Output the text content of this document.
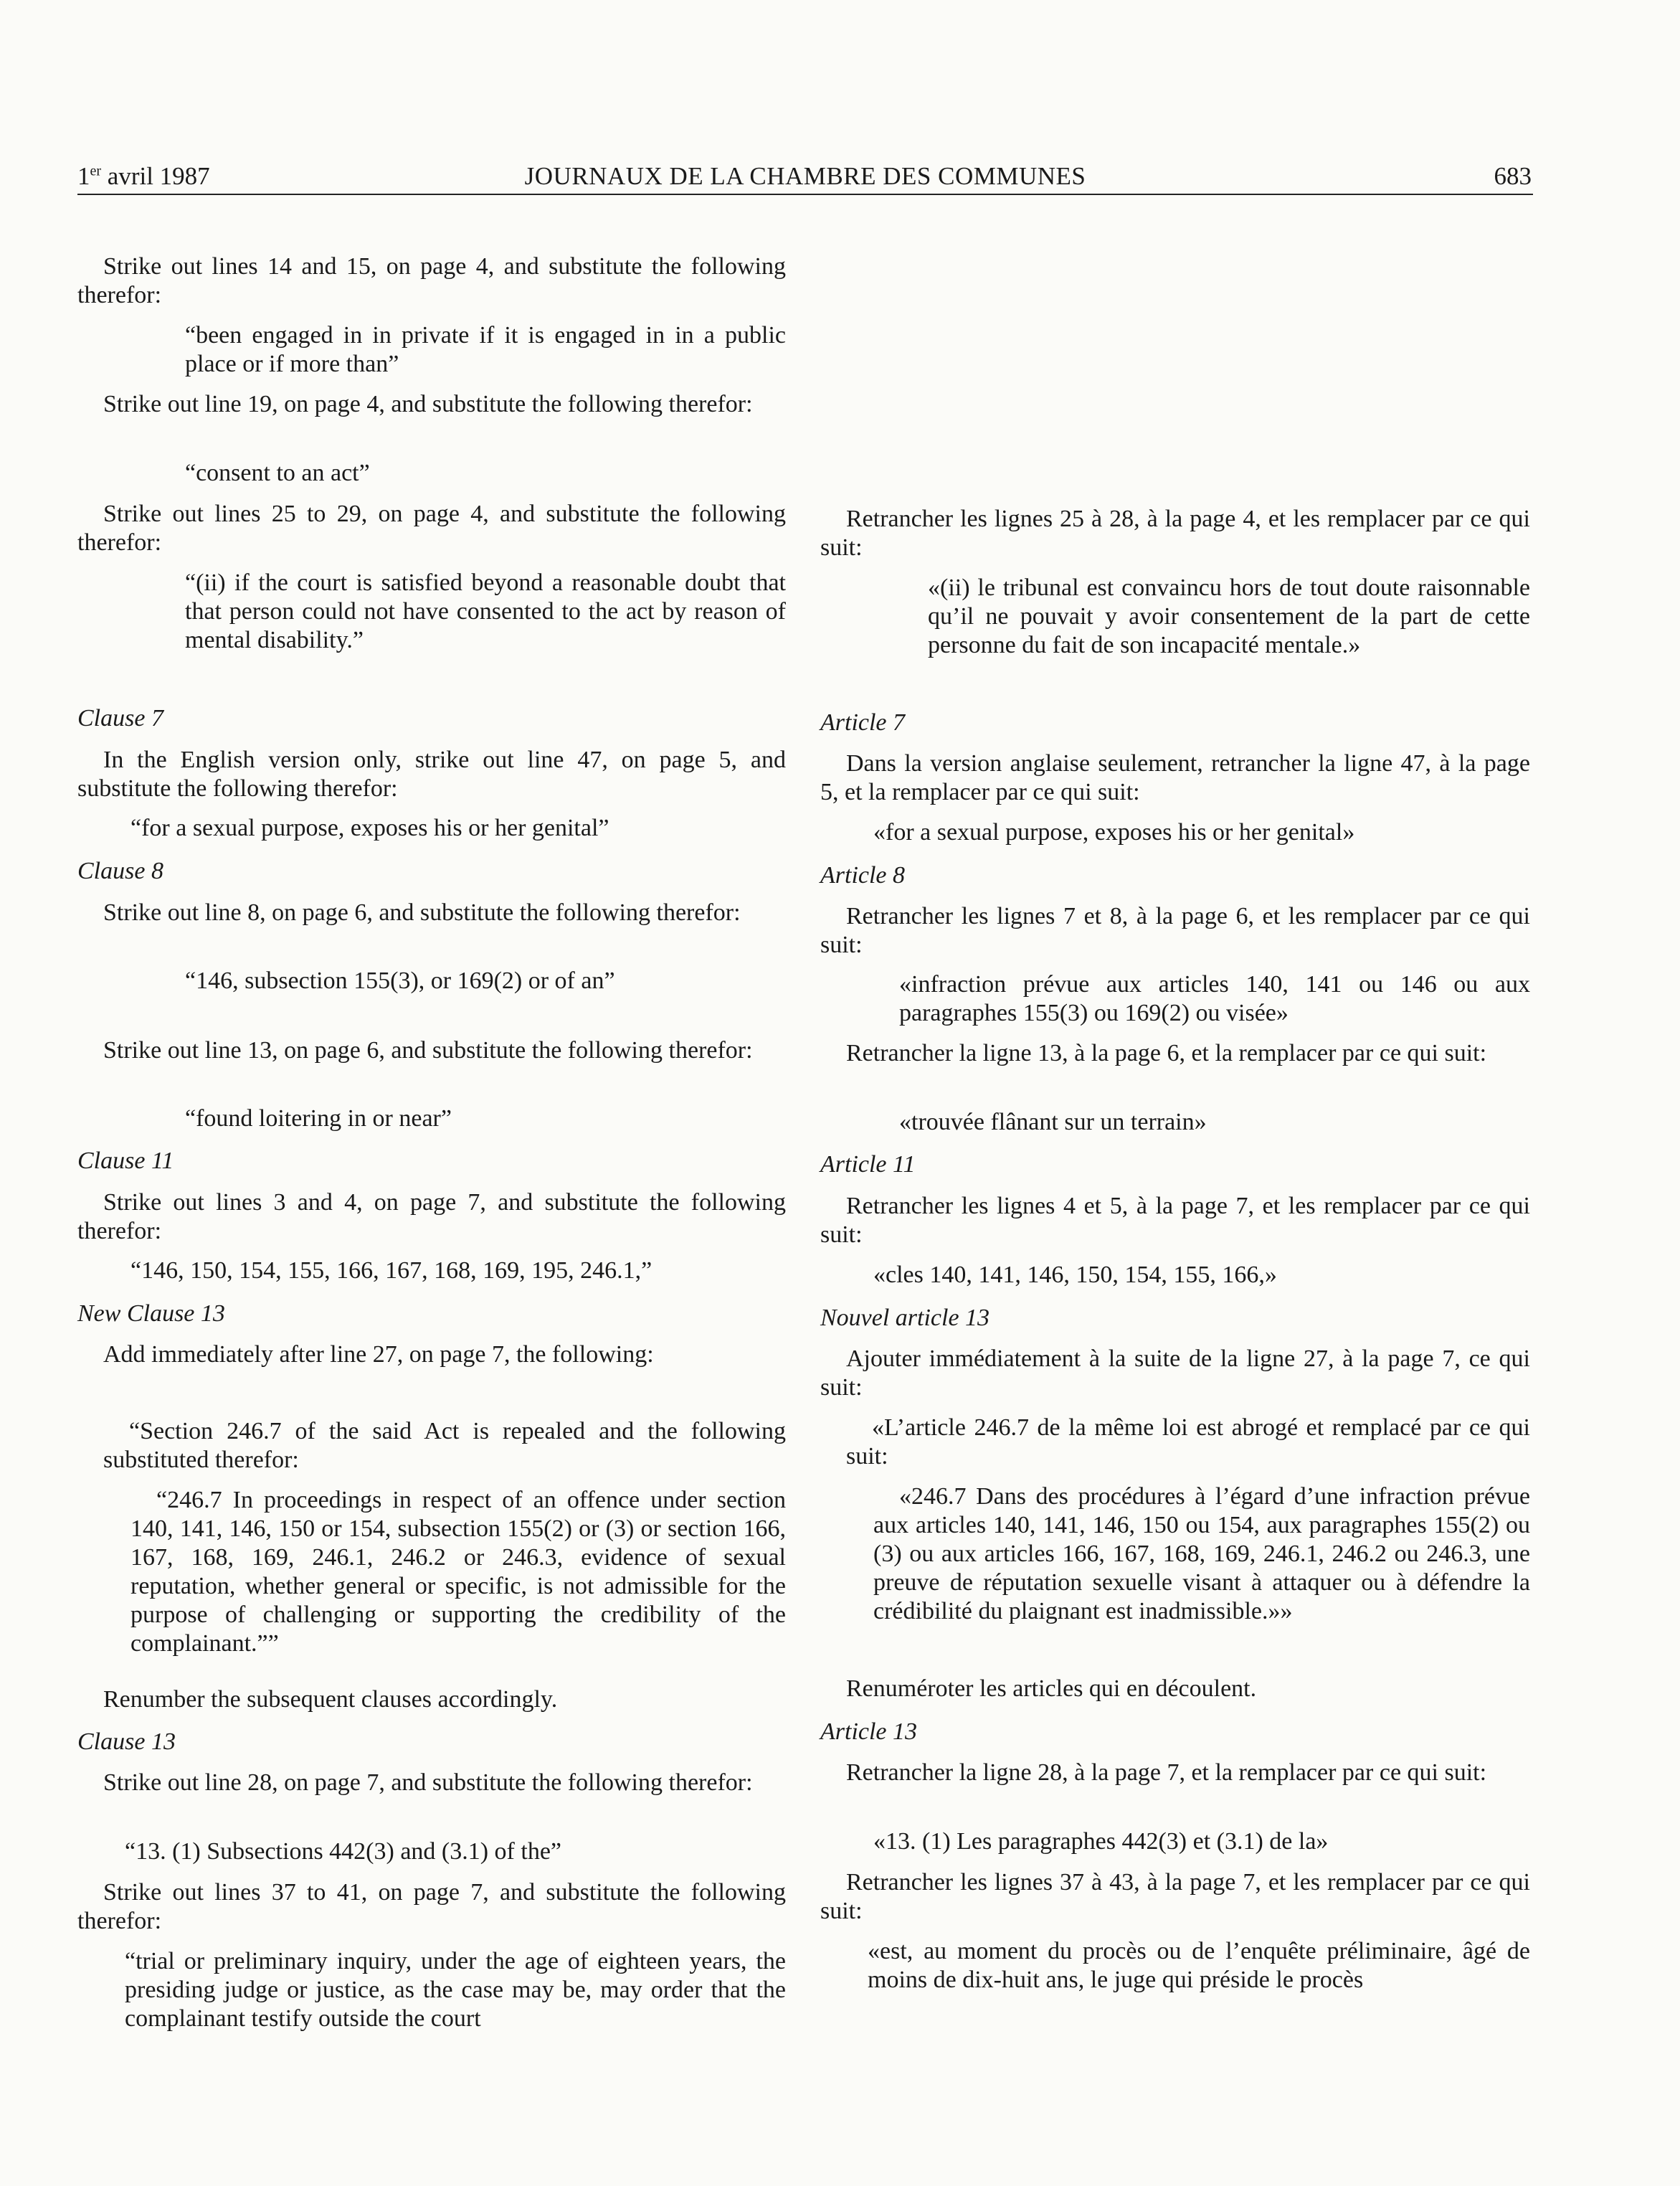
1er avril 1987	JOURNAUX DE LA CHAMBRE DES COMMUNES	683

Strike out lines 14 and 15, on page 4, and substitute the following therefor:

“been engaged in in private if it is engaged in in a public place or if more than”

Strike out line 19, on page 4, and substitute the following therefor:

“consent to an act”

Strike out lines 25 to 29, on page 4, and substitute the following therefor:

“(ii) if the court is satisfied beyond a reasonable doubt that that person could not have consented to the act by reason of mental disability.”

Clause 7

In the English version only, strike out line 47, on page 5, and substitute the following therefor:

“for a sexual purpose, exposes his or her genital”

Clause 8

Strike out line 8, on page 6, and substitute the following therefor:

“146, subsection 155(3), or 169(2) or of an”

Strike out line 13, on page 6, and substitute the following therefor:

“found loitering in or near”

Clause 11

Strike out lines 3 and 4, on page 7, and substitute the following therefor:

“146, 150, 154, 155, 166, 167, 168, 169, 195, 246.1,”

New Clause 13

Add immediately after line 27, on page 7, the following:

“Section 246.7 of the said Act is repealed and the following substituted therefor:

“246.7 In proceedings in respect of an offence under section 140, 141, 146, 150 or 154, subsection 155(2) or (3) or section 166, 167, 168, 169, 246.1, 246.2 or 246.3, evidence of sexual reputation, whether general or specific, is not admissible for the purpose of challenging or supporting the credibility of the complainant.””

Renumber the subsequent clauses accordingly.

Clause 13

Strike out line 28, on page 7, and substitute the following therefor:

“13. (1) Subsections 442(3) and (3.1) of the”

Strike out lines 37 to 41, on page 7, and substitute the following therefor:

“trial or preliminary inquiry, under the age of eighteen years, the presiding judge or justice, as the case may be, may order that the complainant testify outside the court

Retrancher les lignes 25 à 28, à la page 4, et les remplacer par ce qui suit:

«(ii) le tribunal est convaincu hors de tout doute raisonnable qu’il ne pouvait y avoir consentement de la part de cette personne du fait de son incapacité mentale.»

Article 7

Dans la version anglaise seulement, retrancher la ligne 47, à la page 5, et la remplacer par ce qui suit:

«for a sexual purpose, exposes his or her genital»

Article 8

Retrancher les lignes 7 et 8, à la page 6, et les remplacer par ce qui suit:

«infraction prévue aux articles 140, 141 ou 146 ou aux paragraphes 155(3) ou 169(2) ou visée»

Retrancher la ligne 13, à la page 6, et la remplacer par ce qui suit:

«trouvée flânant sur un terrain»

Article 11

Retrancher les lignes 4 et 5, à la page 7, et les remplacer par ce qui suit:

«cles 140, 141, 146, 150, 154, 155, 166,»

Nouvel article 13

Ajouter immédiatement à la suite de la ligne 27, à la page 7, ce qui suit:

«L’article 246.7 de la même loi est abrogé et remplacé par ce qui suit:

«246.7 Dans des procédures à l’égard d’une infraction prévue aux articles 140, 141, 146, 150 ou 154, aux paragraphes 155(2) ou (3) ou aux articles 166, 167, 168, 169, 246.1, 246.2 ou 246.3, une preuve de réputation sexuelle visant à attaquer ou à défendre la crédibilité du plaignant est inadmissible.»»

Renuméroter les articles qui en découlent.

Article 13

Retrancher la ligne 28, à la page 7, et la remplacer par ce qui suit:

«13. (1) Les paragraphes 442(3) et (3.1) de la»

Retrancher les lignes 37 à 43, à la page 7, et les remplacer par ce qui suit:

«est, au moment du procès ou de l’enquête préliminaire, âgé de moins de dix-huit ans, le juge qui préside le procès
